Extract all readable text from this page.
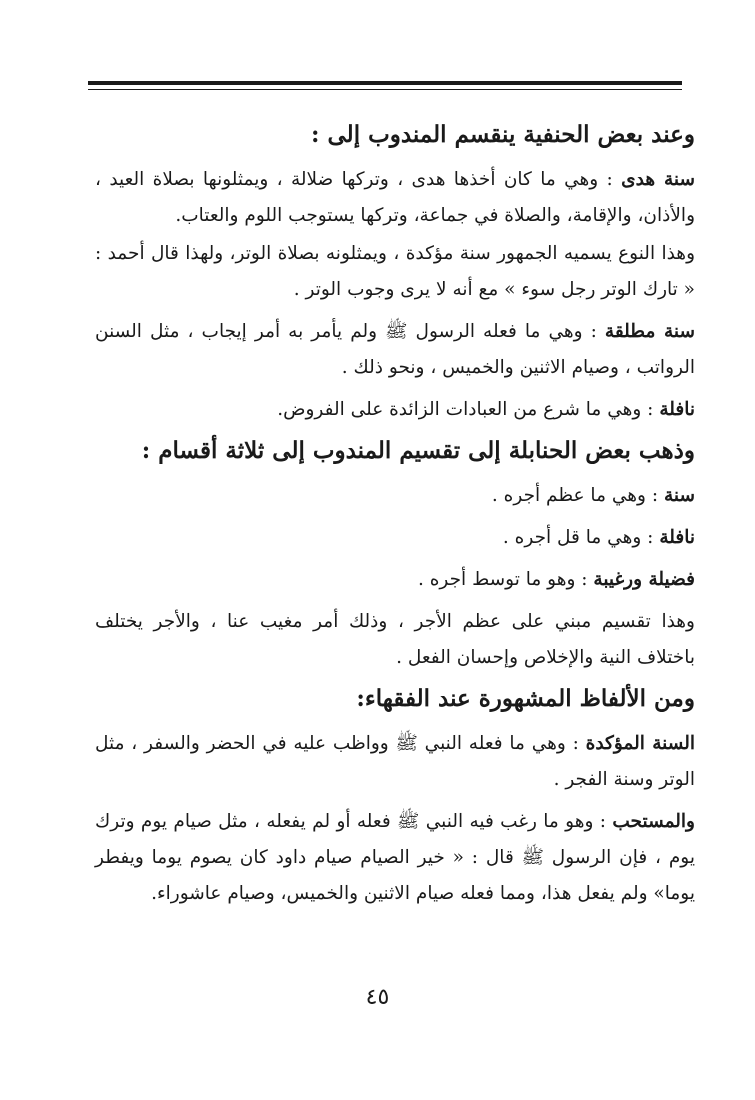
وعند بعض الحنفية ينقسم المندوب إلى :

سنة هدى : وهي ما كان أخذها هدى ، وتركها ضلالة ، ويمثلونها بصلاة العيد ، والأذان، والإقامة، والصلاة في جماعة، وتركها يستوجب اللوم والعتاب.

وهذا النوع يسميه الجمهور سنة مؤكدة ، ويمثلونه بصلاة الوتر، ولهذا قال أحمد : « تارك الوتر رجل سوء » مع أنه لا يرى وجوب الوتر .

سنة مطلقة : وهي ما فعله الرسول ﷺ ولم يأمر به أمر إيجاب ، مثل السنن الرواتب ، وصيام الاثنين والخميس ، ونحو ذلك .

نافلة : وهي ما شرع من العبادات الزائدة على الفروض.

وذهب بعض الحنابلة إلى تقسيم المندوب إلى ثلاثة أقسام :

سنة : وهي ما عظم أجره .

نافلة : وهي ما قل أجره .

فضيلة ورغيبة : وهو ما توسط أجره .

وهذا تقسيم مبني على عظم الأجر ، وذلك أمر مغيب عنا ، والأجر يختلف باختلاف النية والإخلاص وإحسان الفعل .

ومن الألفاظ المشهورة عند الفقهاء:

السنة المؤكدة : وهي ما فعله النبي ﷺ وواظب عليه في الحضر والسفر ، مثل الوتر وسنة الفجر .

والمستحب : وهو ما رغب فيه النبي ﷺ فعله أو لم يفعله ، مثل صيام يوم وترك يوم ، فإن الرسول ﷺ قال : « خير الصيام صيام داود كان يصوم يوما ويفطر يوما» ولم يفعل هذا، ومما فعله صيام الاثنين والخميس، وصيام عاشوراء.

٤٥
